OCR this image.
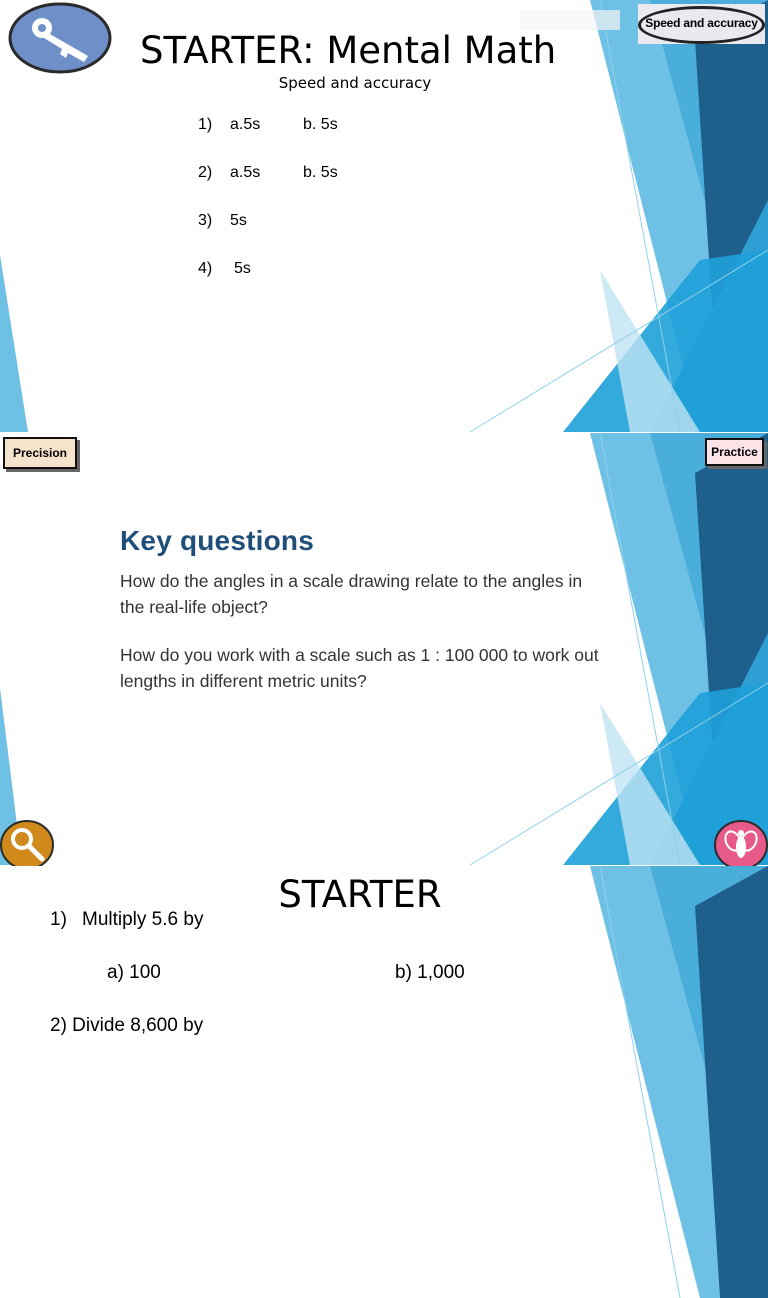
STARTER: Mental Math
Speed and accuracy
Speed and accuracy
1) a.5s	b. 5s
2) a.5s	b. 5s
3) 5s
4) 5s
Precision	Practice
Key questions
How do the angles in a scale drawing relate to the angles in the real-life object?
How do you work with a scale such as 1 : 100 000 to work out lengths in different metric units?
STARTER
1) Multiply 5.6 by
a) 100	b) 1,000
2) Divide 8,600 by
